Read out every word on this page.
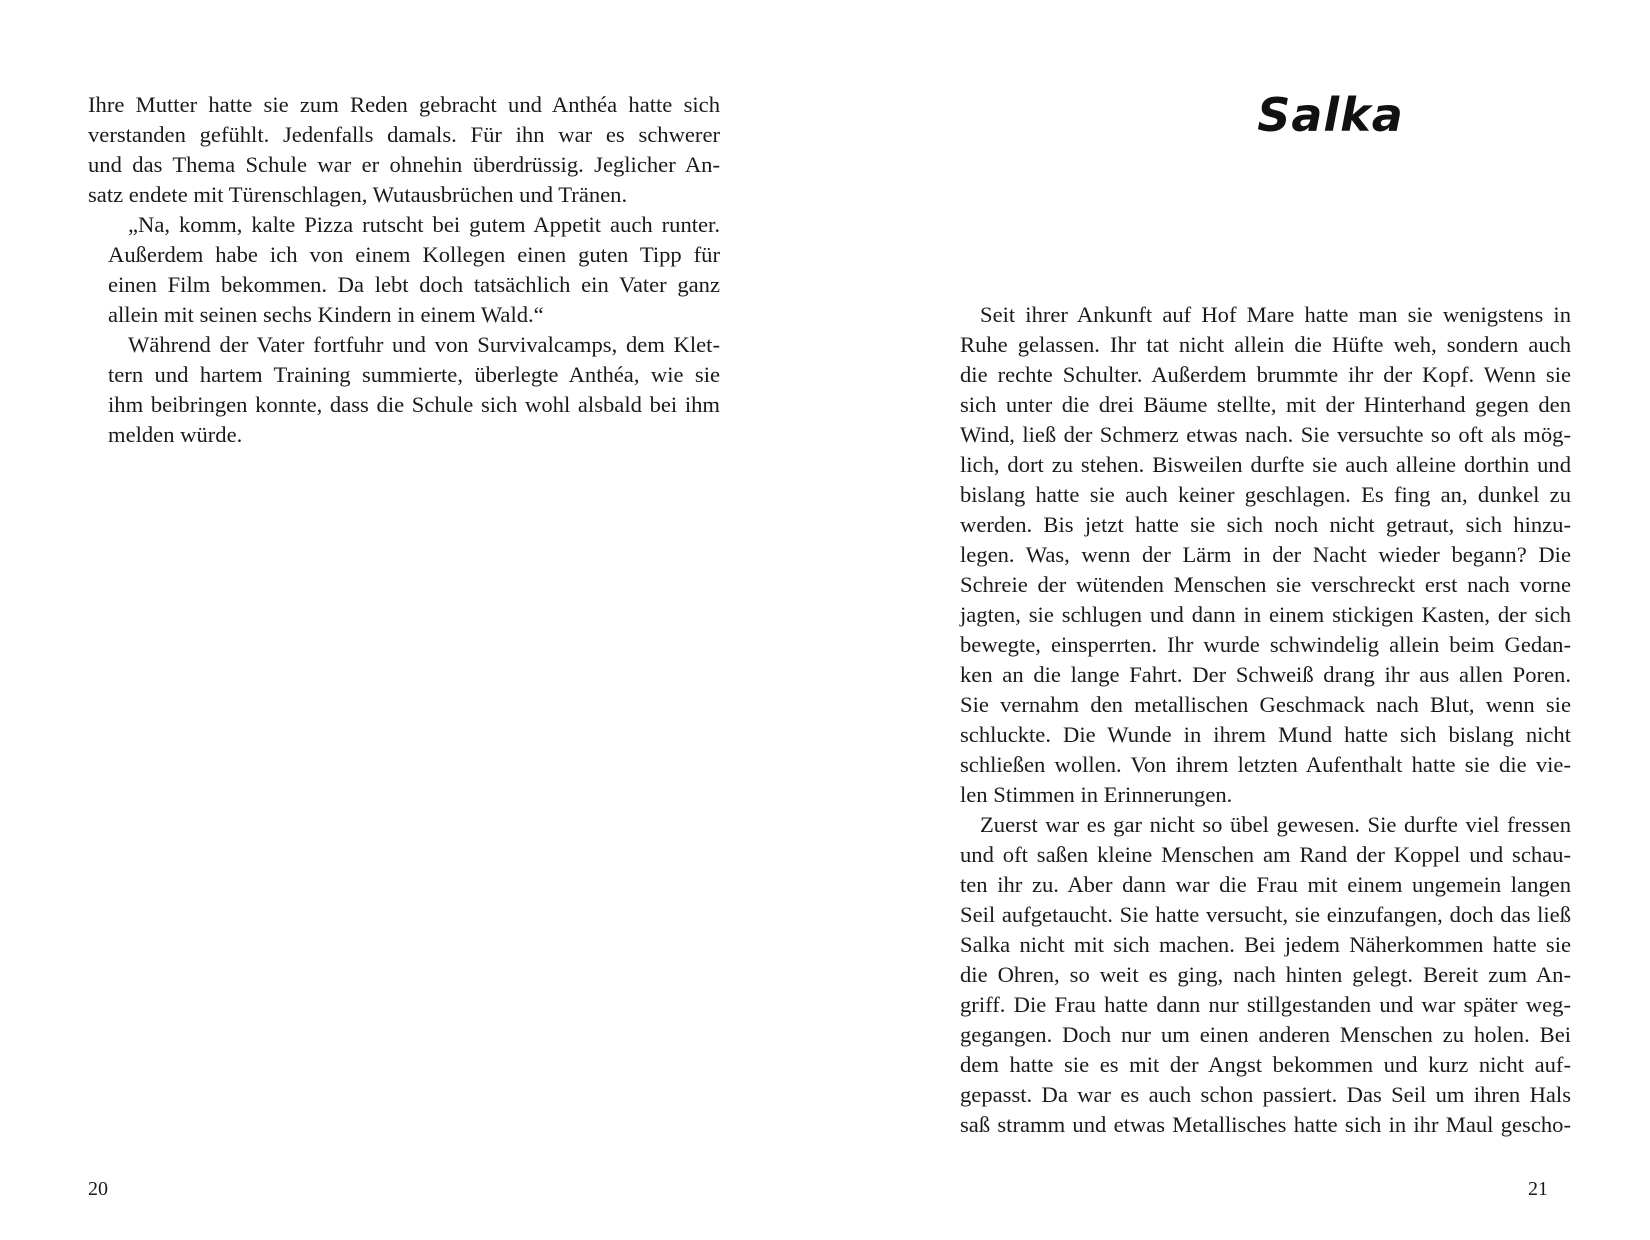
Ihre Mutter hatte sie zum Reden gebracht und Anthéa hatte sich
verstanden gefühlt. Jedenfalls damals. Für ihn war es schwerer
und das Thema Schule war er ohnehin überdrüssig. Jeglicher An-
satz endete mit Türenschlagen, Wutausbrüchen und Tränen.

„Na, komm, kalte Pizza rutscht bei gutem Appetit auch runter.
Außerdem habe ich von einem Kollegen einen guten Tipp für
einen Film bekommen. Da lebt doch tatsächlich ein Vater ganz
allein mit seinen sechs Kindern in einem Wald.“

Während der Vater fortfuhr und von Survivalcamps, dem Klet-
tern und hartem Training summierte, überlegte Anthéa, wie sie
ihm beibringen konnte, dass die Schule sich wohl alsbald bei ihm
melden würde.

20
Salka

Seit ihrer Ankunft auf Hof Mare hatte man sie wenigstens in
Ruhe gelassen. Ihr tat nicht allein die Hüfte weh, sondern auch
die rechte Schulter. Außerdem brummte ihr der Kopf. Wenn sie
sich unter die drei Bäume stellte, mit der Hinterhand gegen den
Wind, ließ der Schmerz etwas nach. Sie versuchte so oft als mög-
lich, dort zu stehen. Bisweilen durfte sie auch alleine dorthin und
bislang hatte sie auch keiner geschlagen. Es fing an, dunkel zu
werden. Bis jetzt hatte sie sich noch nicht getraut, sich hinzu-
legen. Was, wenn der Lärm in der Nacht wieder begann? Die
Schreie der wütenden Menschen sie verschreckt erst nach vorne
jagten, sie schlugen und dann in einem stickigen Kasten, der sich
bewegte, einsperrten. Ihr wurde schwindelig allein beim Gedan-
ken an die lange Fahrt. Der Schweiß drang ihr aus allen Poren.
Sie vernahm den metallischen Geschmack nach Blut, wenn sie
schluckte. Die Wunde in ihrem Mund hatte sich bislang nicht
schließen wollen. Von ihrem letzten Aufenthalt hatte sie die vie-
len Stimmen in Erinnerungen.

Zuerst war es gar nicht so übel gewesen. Sie durfte viel fressen
und oft saßen kleine Menschen am Rand der Koppel und schau-
ten ihr zu. Aber dann war die Frau mit einem ungemein langen
Seil aufgetaucht. Sie hatte versucht, sie einzufangen, doch das ließ
Salka nicht mit sich machen. Bei jedem Näherkommen hatte sie
die Ohren, so weit es ging, nach hinten gelegt. Bereit zum An-
griff. Die Frau hatte dann nur stillgestanden und war später weg-
gegangen. Doch nur um einen anderen Menschen zu holen. Bei
dem hatte sie es mit der Angst bekommen und kurz nicht auf-
gepasst. Da war es auch schon passiert. Das Seil um ihren Hals
saß stramm und etwas Metallisches hatte sich in ihr Maul gescho-

21
